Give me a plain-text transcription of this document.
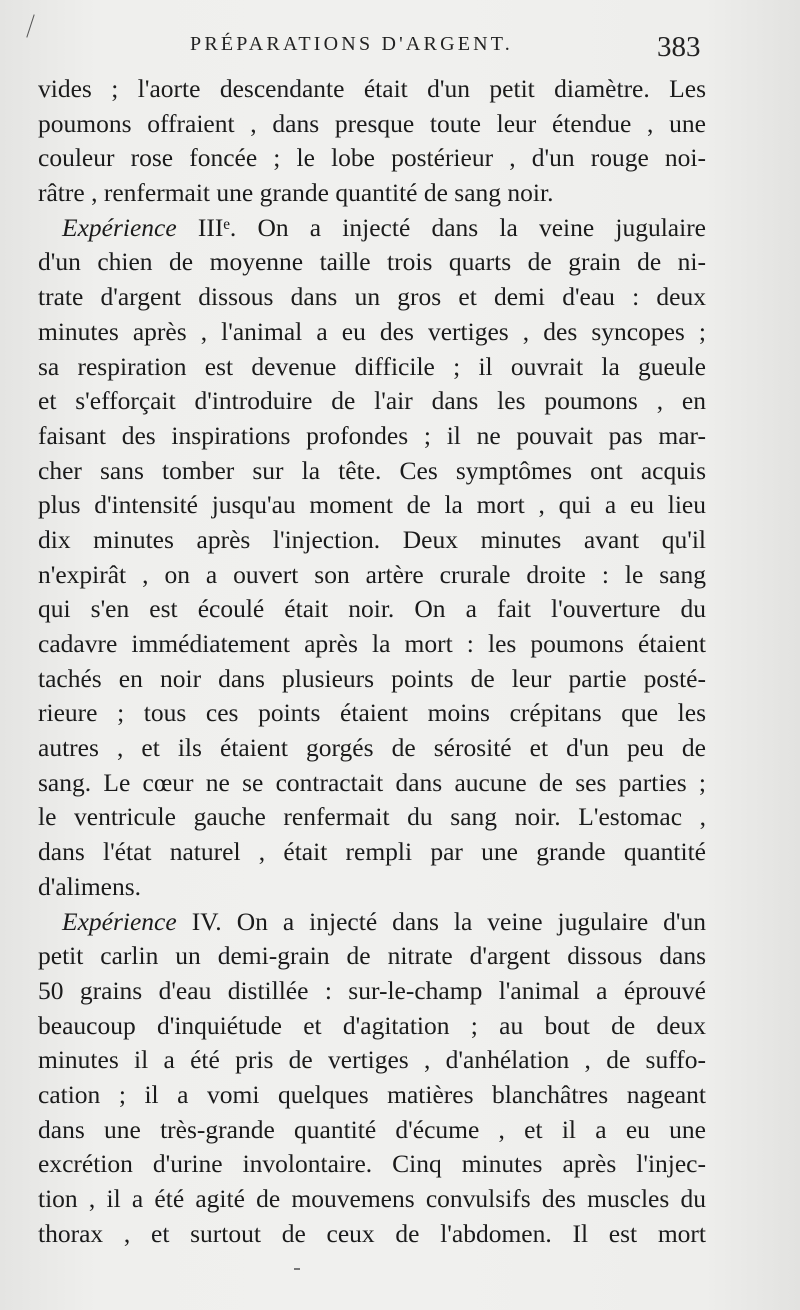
PRÉPARATIONS D'ARGENT.	383
vides ; l'aorte descendante était d'un petit diamètre. Les
poumons offraient , dans presque toute leur étendue , une
couleur rose foncée ; le lobe postérieur , d'un rouge noi-
râtre , renfermait une grande quantité de sang noir.
Expérience IIIᵉ. On a injecté dans la veine jugulaire
d'un chien de moyenne taille trois quarts de grain de ni-
trate d'argent dissous dans un gros et demi d'eau : deux
minutes après , l'animal a eu des vertiges , des syncopes ;
sa respiration est devenue difficile ; il ouvrait la gueule
et s'efforçait d'introduire de l'air dans les poumons , en
faisant des inspirations profondes ; il ne pouvait pas mar-
cher sans tomber sur la tête. Ces symptômes ont acquis
plus d'intensité jusqu'au moment de la mort , qui a eu lieu
dix minutes après l'injection. Deux minutes avant qu'il
n'expirât , on a ouvert son artère crurale droite : le sang
qui s'en est écoulé était noir. On a fait l'ouverture du
cadavre immédiatement après la mort : les poumons étaient
tachés en noir dans plusieurs points de leur partie posté-
rieure ; tous ces points étaient moins crépitans que les
autres , et ils étaient gorgés de sérosité et d'un peu de
sang. Le cœur ne se contractait dans aucune de ses parties ;
le ventricule gauche renfermait du sang noir. L'estomac ,
dans l'état naturel , était rempli par une grande quantité
d'alimens.
Expérience IV. On a injecté dans la veine jugulaire d'un
petit carlin un demi-grain de nitrate d'argent dissous dans
50 grains d'eau distillée : sur-le-champ l'animal a éprouvé
beaucoup d'inquiétude et d'agitation ; au bout de deux
minutes il a été pris de vertiges , d'anhélation , de suffo-
cation ; il a vomi quelques matières blanchâtres nageant
dans une très-grande quantité d'écume , et il a eu une
excrétion d'urine involontaire. Cinq minutes après l'injec-
tion , il a été agité de mouvemens convulsifs des muscles du
thorax , et surtout de ceux de l'abdomen. Il est mort
